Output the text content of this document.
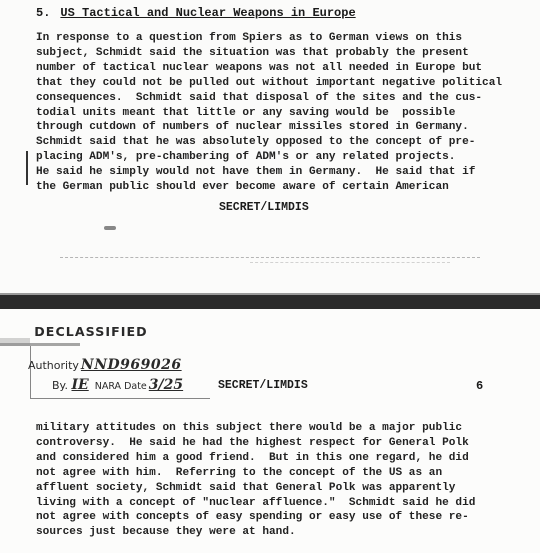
5. US Tactical and Nuclear Weapons in Europe
In response to a question from Spiers as to German views on this
subject, Schmidt said the situation was that probably the present
number of tactical nuclear weapons was not all needed in Europe but
that they could not be pulled out without important negative political
consequences.  Schmidt said that disposal of the sites and the cus-
todial units meant that little or any saving would be  possible
through cutdown of numbers of nuclear missiles stored in Germany.
Schmidt said that he was absolutely opposed to the concept of pre-
placing ADM's, pre-chambering of ADM's or any related projects.
He said he simply would not have them in Germany.  He said that if
the German public should ever become aware of certain American
SECRET/LIMDIS
DECLASSIFIED
Authority NND969026
By. IE NARA Date 3/25	SECRET/LIMDIS	6
military attitudes on this subject there would be a major public
controversy.  He said he had the highest respect for General Polk
and considered him a good friend.  But in this one regard, he did
not agree with him.  Referring to the concept of the US as an
affluent society, Schmidt said that General Polk was apparently
living with a concept of "nuclear affluence."  Schmidt said he did
not agree with concepts of easy spending or easy use of these re-
sources just because they were at hand.
